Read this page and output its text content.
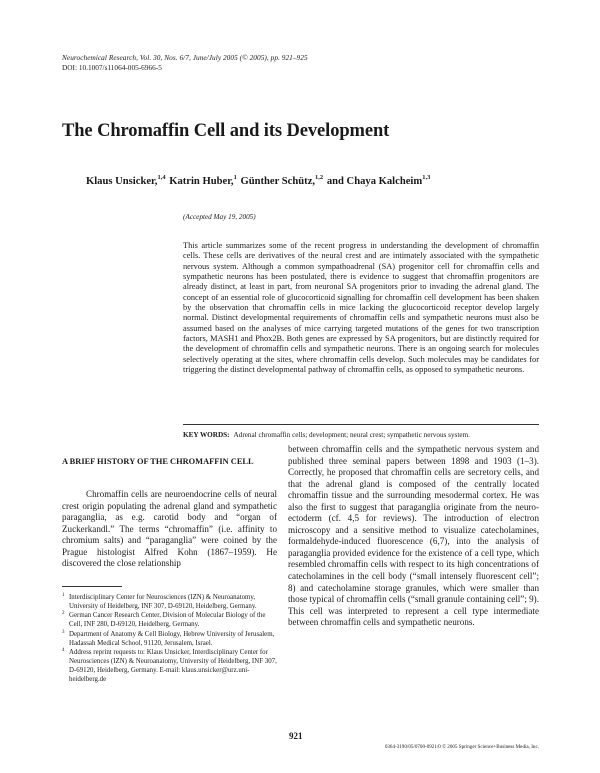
Neurochemical Research, Vol. 30, Nos. 6/7, June/July 2005 (© 2005), pp. 921–925
DOI: 10.1007/s11064-005-6966-5
The Chromaffin Cell and its Development
Klaus Unsicker,$^{1,4}$ Katrin Huber,$^1$ Günther Schütz,$^{1,2}$ and Chaya Kalcheim$^{1,3}$
(Accepted May 19, 2005)
This article summarizes some of the recent progress in understanding the development of chromaffin cells. These cells are derivatives of the neural crest and are intimately associated with the sympathetic nervous system. Although a common sympathoadrenal (SA) progenitor cell for chromaffin cells and sympathetic neurons has been postulated, there is evidence to suggest that chromaffin progenitors are already distinct, at least in part, from neuronal SA progenitors prior to invading the adrenal gland. The concept of an essential role of glucocorticoid signalling for chromaffin cell development has been shaken by the observation that chromaffin cells in mice lacking the glucocorticoid receptor develop largely normal. Distinct developmental requirements of chromaffin cells and sympathetic neurons must also be assumed based on the analyses of mice carrying targeted mutations of the genes for two transcription factors, MASH1 and Phox2B. Both genes are expressed by SA progenitors, but are distinctly required for the development of chromaffin cells and sympathetic neurons. There is an ongoing search for molecules selectively operating at the sites, where chromaffin cells develop. Such molecules may be candidates for triggering the distinct developmental pathway of chromaffin cells, as opposed to sympathetic neurons.
KEY WORDS: Adrenal chromaffin cells; development; neural crest; sympathetic nervous system.
A BRIEF HISTORY OF THE CHROMAFFIN CELL
Chromaffin cells are neuroendocrine cells of neural crest origin populating the adrenal gland and sympathetic paraganglia, as e.g. carotid body and “organ of Zuckerkandl.” The terms “chromaffin” (i.e. affinity to chromium salts) and “paraganglia” were coined by the Prague histologist Alfred Kohn (1867–1959). He discovered the close relationship
1 Interdisciplinary Center for Neurosciences (IZN) & Neuroanatomy, University of Heidelberg, INF 307, D-69120, Heidelberg, Germany.
2 German Cancer Research Center, Division of Molecular Biology of the Cell, INF 280, D-69120, Heidelberg, Germany.
3 Department of Anatomy & Cell Biology, Hebrew University of Jerusalem, Hadassah Medical School, 91120, Jerusalem, Israel.
4 Address reprint requests to: Klaus Unsicker, Interdisciplinary Center for Neurosciences (IZN) & Neuroanatomy, University of Heidelberg, INF 307, D-69120, Heidelberg, Germany. E-mail: klaus.unsicker@urz.uni-heidelberg.de
between chromaffin cells and the sympathetic nervous system and published three seminal papers between 1898 and 1903 (1–3). Correctly, he proposed that chromaffin cells are secretory cells, and that the adrenal gland is composed of the centrally located chromaffin tissue and the surrounding mesodermal cortex. He was also the first to suggest that paraganglia originate from the neuro-ectoderm (cf. 4,5 for reviews). The introduction of electron microscopy and a sensitive method to visualize catecholamines, formaldehyde-induced fluorescence (6,7), into the analysis of paraganglia provided evidence for the existence of a cell type, which resembled chromaffin cells with respect to its high concentrations of catecholamines in the cell body (“small intensely fluorescent cell”; 8) and catecholamine storage granules, which were smaller than those typical of chromaffin cells (“small granule containing cell”; 9). This cell was interpreted to represent a cell type intermediate between chromaffin cells and sympathetic neurons.
921
0364-3190/05/0700-0921/0 © 2005 Springer Science+Business Media, Inc.
